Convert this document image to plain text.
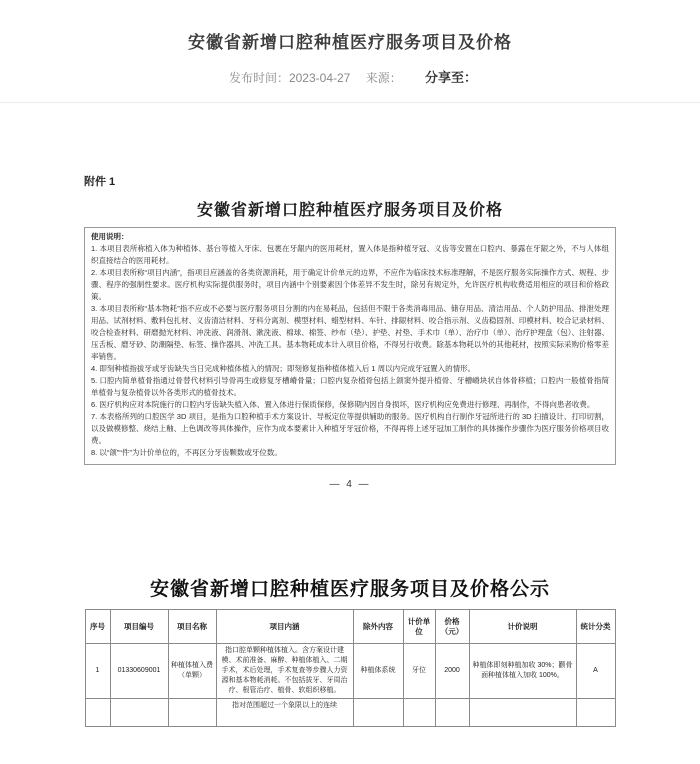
安徽省新增口腔种植医疗服务项目及价格
发布时间：2023-04-27 来源： 分享至：
附件 1
安徽省新增口腔种植医疗服务项目及价格

使用说明：

1. 本项目表所称植入体为种植体、基台等植入牙床、包裹在牙龈内的医用耗材，置入体是指种植牙冠、义齿等安置在口腔内、暴露在牙龈之外，不与人体组织直接结合的医用耗材。

2. 本项目表所称“项目内涵”，指项目应涵盖的各类资源消耗，用于确定计价单元的边界，不应作为临床技术标准理解，不是医疗服务实际操作方式、规程、步骤、程序的强制性要求。医疗机构实际提供服务时，项目内涵中个别要素因个体差异不发生时，除另有规定外，允许医疗机构收费适用相应的项目和价格政策。

3. 本项目表所称“基本物耗”指不应或不必要与医疗服务项目分割的内在易耗品，包括但不限于各类消毒用品、储存用品、清洁用品、个人防护用品、排泄处理用品、试剂材料、敷料包扎材、义齿清洁材料、牙科分离剂、模型材料、蜡型材料、车针、排龈材料、咬合指示剂、义齿稳固剂、印模材料、咬合记录材料、咬合检查材料、研磨抛光材料、冲洗液、润滑剂、漱洗液、棉球、棉签、纱布（垫）、护垫、衬垫、手术巾（单）、治疗巾（单）、治疗护理盘（包）、注射器、压舌板、磨牙砂、防潮隔垫、标签、操作器具、冲洗工具。基本物耗成本计入项目价格，不得另行收费。除基本物耗以外的其他耗材，按照实际采购价格零差率销售。

4. 即刻种植指拔牙或牙齿缺失当日完成种植体植入的情况；即刻修复指种植体植入后 1 周以内完成牙冠置入的情形。

5. 口腔内简单植骨指通过骨替代材料引导骨再生或修复牙槽嵴骨量；口腔内复杂植骨包括上颌窦外提升植骨、牙槽嵴块状自体骨移植；口腔内一般植骨指简单植骨与复杂植骨以外各类形式的植骨技术。

6. 医疗机构应对本院施行的口腔内牙齿缺失植入体、置入体进行保质保修，保修期内因自身损坏，医疗机构应免费进行修理、再制作，不得向患者收费。

7. 本表格所列的口腔医学 3D 项目，是指为口腔种植手术方案设计、导板定位等提供辅助的服务。医疗机构自行制作牙冠所进行的 3D 扫描设计、打印切割，以及做模修整、烧结上釉、上色调改等具体操作，应作为成本要素计入种植牙牙冠价格，不得再将上述牙冠加工制作的具体操作步骤作为医疗服务价格项目收费。

8. 以“颌”“件”为计价单位的，不再区分牙齿颗数或牙位数。

— 4 —
安徽省新增口腔种植医疗服务项目及价格公示
序号	项目编号	项目名称	项目内涵	除外内容	计价单位	价格（元）	计价说明	统计分类
1	01330609001	种植体植入费（单颗）	指口腔单颗种植体植入。含方案设计建模、术前准备、麻醉、种植体植入、二期手术，术后处理，手术复查等步骤人力资源和基本物耗消耗。不包括拔牙、牙周治疗、根管治疗、植骨、软组织移植。	种植体系统	牙位	2000	种植体即刻种植加收 30%；颧骨面种植体植入加收 100%。	A
			指对范围超过一个象限以上的连续					
